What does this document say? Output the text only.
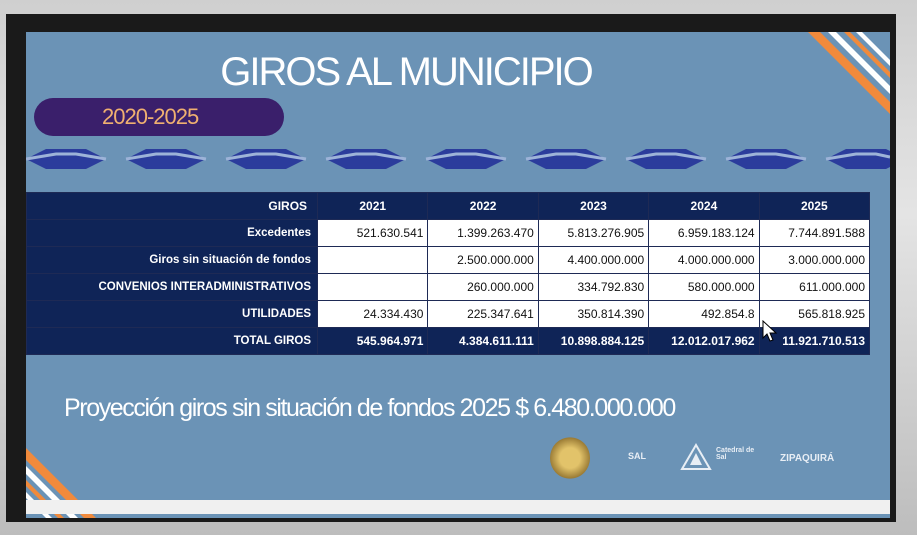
GIROS AL MUNICIPIO
2020-2025
GIROS	2021	2022	2023	2024	2025
Excedentes	521.630.541	1.399.263.470	5.813.276.905	6.959.183.124	7.744.891.588
Giros sin situación de fondos		2.500.000.000	4.400.000.000	4.000.000.000	3.000.000.000
CONVENIOS INTERADMINISTRATIVOS		260.000.000	334.792.830	580.000.000	611.000.000
UTILIDADES	24.334.430	225.347.641	350.814.390	492.854.8	565.818.925
TOTAL GIROS	545.964.971	4.384.611.111	10.898.884.125	12.012.017.962	11.921.710.513
Proyección giros sin situación de fondos 2025 $ 6.480.000.000
SAL
Catedral de Sal	ZIPAQUIRÁ
